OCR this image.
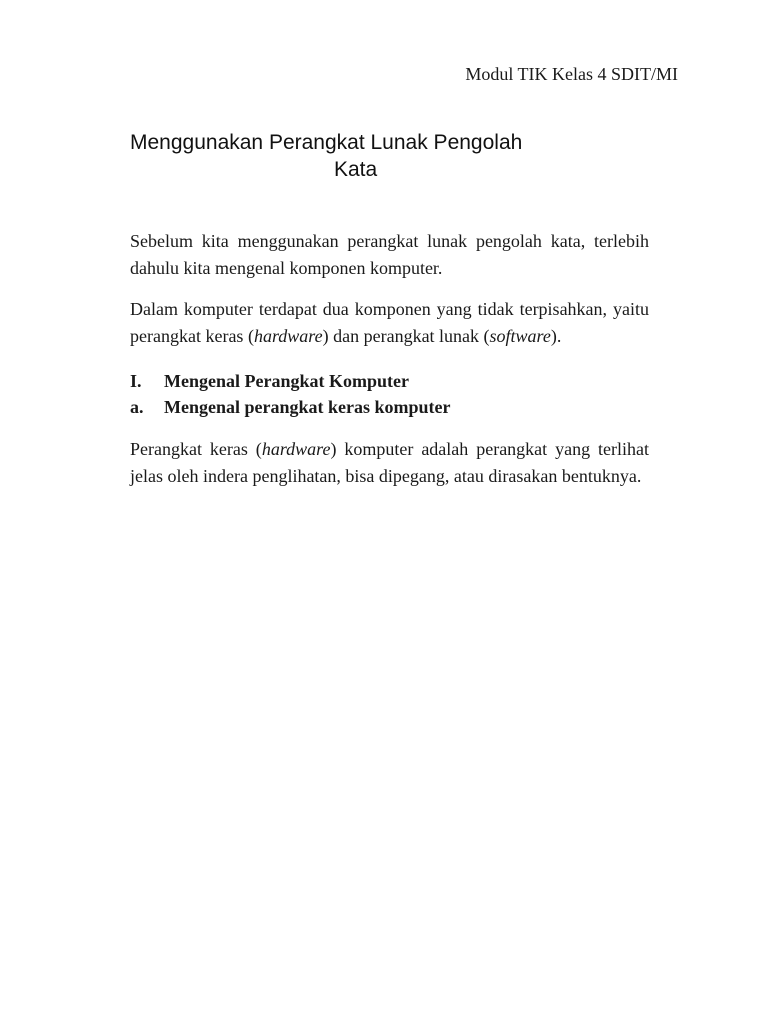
Modul TIK Kelas 4 SDIT/MI
Menggunakan Perangkat Lunak Pengolah
Kata

Sebelum kita menggunakan perangkat lunak pengolah kata, terlebih dahulu kita mengenal komponen komputer.

Dalam komputer terdapat dua komponen yang tidak terpisahkan, yaitu perangkat keras (hardware) dan perangkat lunak (software).

I. Mengenal Perangkat Komputer
a. Mengenal perangkat keras komputer

Perangkat keras (hardware) komputer adalah perangkat yang terlihat jelas oleh indera penglihatan, bisa dipegang, atau dirasakan bentuknya.
